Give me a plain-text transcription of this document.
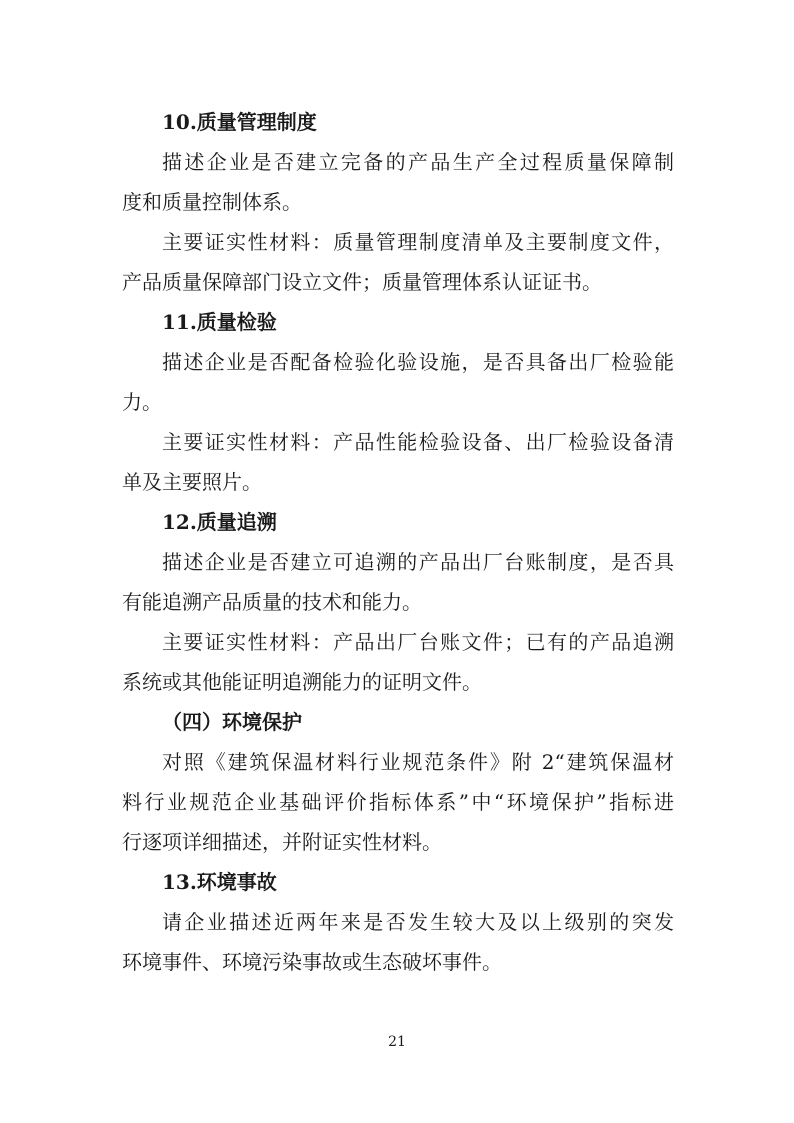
10.质量管理制度
描述企业是否建立完备的产品生产全过程质量保障制
度和质量控制体系。
主要证实性材料：质量管理制度清单及主要制度文件，
产品质量保障部门设立文件；质量管理体系认证证书。
11.质量检验
描述企业是否配备检验化验设施，是否具备出厂检验能
力。
主要证实性材料：产品性能检验设备、出厂检验设备清
单及主要照片。
12.质量追溯
描述企业是否建立可追溯的产品出厂台账制度，是否具
有能追溯产品质量的技术和能力。
主要证实性材料：产品出厂台账文件；已有的产品追溯
系统或其他能证明追溯能力的证明文件。
（四）环境保护
对照《建筑保温材料行业规范条件》附 2“建筑保温材
料行业规范企业基础评价指标体系”中“环境保护”指标进
行逐项详细描述，并附证实性材料。
13.环境事故
请企业描述近两年来是否发生较大及以上级别的突发
环境事件、环境污染事故或生态破坏事件。
21
